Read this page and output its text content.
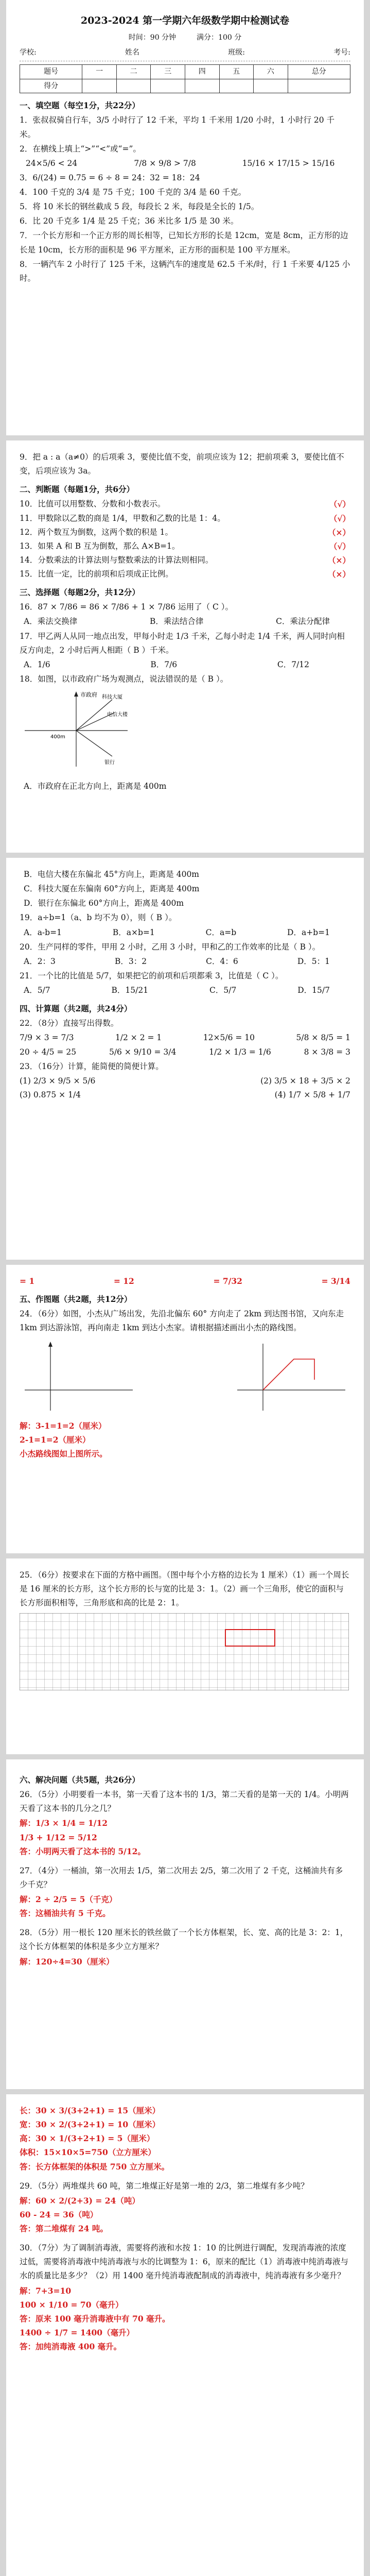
2023-2024 第一学期六年级数学期中检测试卷
时间：90 分钟	满分：100 分
学校:	姓名	班级:	考号:
题号	一	二	三	四	五	六	总分
得分							
一、填空题（每空1分，共22分）
1．张叔叔骑自行车，3/5 小时行了 12 千米，平均 1 千米用 1/20 小时，1 小时行 20 千米。
2．在横线上填上“>”“<”或“=”。
24×5/6 < 24	7/8 × 9/8 > 7/8	15/16 × 17/15 > 15/16
3．6/(24) = 0.75 = 6 ÷ 8 = 24：32 = 18：24
4．100 千克的 3/4 是 75 千克；100 千克的 3/4 是 60 千克。
5．将 10 米长的钢丝截成 5 段，每段长 2 米，每段是全长的 1/5。
6．比 20 千克多 1/4 是 25 千克；36 米比多 1/5 是 30 米。
7．一个长方形和一个正方形的周长相等，已知长方形的长是 12cm，宽是 8cm，正方形的边长是 10cm，长方形的面积是 96 平方厘米，正方形的面积是 100 平方厘米。
8．一辆汽车 2 小时行了 125 千米，这辆汽车的速度是 62.5 千米/时，行 1 千米要 4/125 小时。
9．把 a : a（a≠0）的后项乘 3，要使比值不变，前项应该为 12；把前项乘 3，要使比值不变，后项应该为 3a。
二、判断题（每题1分，共6分）
10．比值可以用整数、分数和小数表示。	（√）
11．甲数除以乙数的商是 1/4，甲数和乙数的比是 1：4。	（√）
12．两个数互为倒数，这两个数的积是 1。	（×）
13．如果 A 和 B 互为倒数，那么 A×B=1。	（√）
14．分数乘法的计算法则与整数乘法的计算法则相同。	（×）
15．比值一定，比的前项和后项成正比例。	（×）
三、选择题（每题2分，共12分）
16．87 × 7/86 = 86 × 7/86 + 1 × 7/86 运用了（ C ）。
A．乘法交换律	B．乘法结合律	C．乘法分配律
17．甲乙两人从同一地点出发，甲每小时走 1/3 千米，乙每小时走 1/4 千米，两人同时向相反方向走，2 小时后两人相距（ B ）千米。
A．1/6	B．7/6	C．7/12
18．如图，以市政府广场为观测点，说法错误的是（ B ）。
市政府 科技大厦
电信大楼
银行
400m
A．市政府在正北方向上，距离是 400m
B．电信大楼在东偏北 45°方向上，距离是 400m
C．科技大厦在东偏南 60°方向上，距离是 400m
D．银行在东偏北 60°方向上，距离是 400m
19．a÷b=1（a、b 均不为 0），则（ B ）。
A．a-b=1	B．a×b=1	C．a=b	D．a+b=1
20．生产同样的零件，甲用 2 小时，乙用 3 小时，甲和乙的工作效率的比是（ B ）。
A．2：3	B．3：2	C．4：6	D．5：1
21．一个比的比值是 5/7，如果把它的前项和后项都乘 3，比值是（ C ）。
A．5/7	B．15/21	C．5/7	D．15/7
四、计算题（共2题，共24分）
22．（8分）直接写出得数。
7/9 × 3 = 7/3	1/2 × 2 = 1	12×5/6 = 10	5/8 × 8/5 = 1
20 ÷ 4/5 = 25	5/6 × 9/10 = 3/4	1/2 × 1/3 = 1/6	8 × 3/8 = 3
23．（16分）计算，能简便的简便计算。
(1) 2/3 × 9/5 × 5/6	(2) 3/5 × 18 + 3/5 × 2
(3) 0.875 × 1/4	(4) 1/7 × 5/8 + 1/7
= 1	= 12	= 7/32	= 3/14
五、作图题（共2题，共12分）
24．（6分）如图，小杰从广场出发，先沿北偏东 60° 方向走了 2km 到达图书馆，又向东走 1km 到达游泳馆，再向南走 1km 到达小杰家。请根据描述画出小杰的路线图。
解：3-1=1=2（厘米）
2-1=1=2（厘米）
小杰路线图如上图所示。
25．（6分）按要求在下面的方格中画图。（图中每个小方格的边长为 1 厘米）（1）画一个周长是 16 厘米的长方形，这个长方形的长与宽的比是 3：1。（2）画一个三角形，使它的面积与长方形面积相等，三角形底和高的比是 2：1。
六、解决问题（共5题，共26分）
26．（5分）小明要看一本书，第一天看了这本书的 1/3，第二天看的是第一天的 1/4。小明两天看了这本书的几分之几？
解：1/3 × 1/4 = 1/12
1/3 + 1/12 = 5/12
答：小明两天看了这本书的 5/12。
27．（4分）一桶油，第一次用去 1/5，第二次用去 2/5，第二次用了 2 千克，这桶油共有多少千克？
解：2 ÷ 2/5 = 5（千克）
答：这桶油共有 5 千克。
28．（5分）用一根长 120 厘米长的铁丝做了一个长方体框架，长、宽、高的比是 3：2：1，这个长方体框架的体积是多少立方厘米？
解：120÷4=30（厘米）
长：30 × 3/(3+2+1) = 15（厘米）
宽：30 × 2/(3+2+1) = 10（厘米）
高：30 × 1/(3+2+1) = 5（厘米）
体积：15×10×5=750（立方厘米）
答：长方体框架的体积是 750 立方厘米。
29．（5分）两堆煤共 60 吨，第二堆煤正好是第一堆的 2/3，第二堆煤有多少吨？
解：60 × 2/(2+3) = 24（吨）
60 - 24 = 36（吨）
答：第二堆煤有 24 吨。
30．（7分）为了调制消毒液，需要将药液和水按 1：10 的比例进行调配，发现消毒液的浓度过低，需要将消毒液中纯消毒液与水的比调整为 1：6，原来的配比（1）消毒液中纯消毒液与水的质量比是多少？（2）用 1400 毫升纯消毒液配制成的消毒液中，纯消毒液有多少毫升？
解：7+3=10
100 × 1/10 = 70（毫升）
答：原来 100 毫升消毒液中有 70 毫升。
1400 ÷ 1/7 = 1400（毫升）
答：加纯消毒液 400 毫升。
